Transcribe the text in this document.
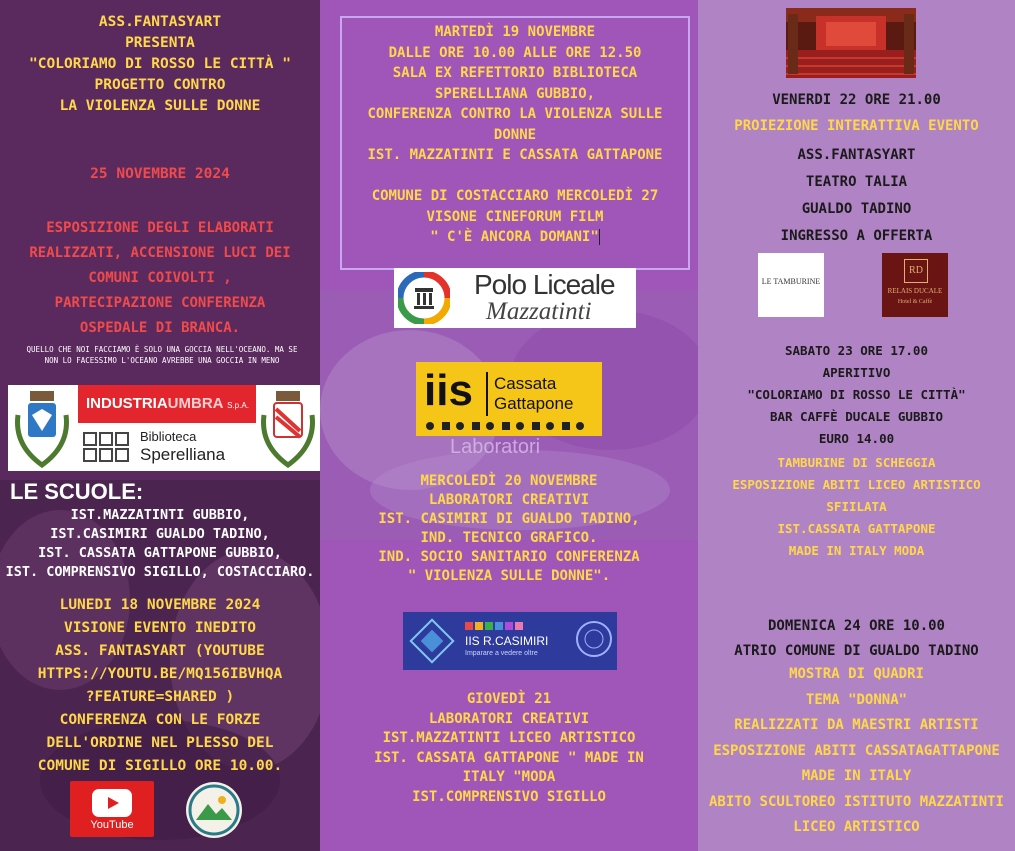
ASS.FANTASYART
PRESENTA
"COLORIAMO DI ROSSO LE CITTÀ "
PROGETTO CONTRO
LA VIOLENZA SULLE DONNE
25 NOVEMBRE 2024
ESPOSIZIONE DEGLI ELABORATI
REALIZZATI, ACCENSIONE LUCI DEI
COMUNI COIVOLTI ,
PARTECIPAZIONE CONFERENZA
OSPEDALE DI BRANCA.
QUELLO CHE NOI FACCIAMO È SOLO UNA GOCCIA NELL'OCEANO. MA SE
NON LO FACESSIMO L'OCEANO AVREBBE UNA GOCCIA IN MENO
INDUSTRIAUMBRA S.p.A.
Biblioteca
Sperelliana
LE SCUOLE:
IST.MAZZATINTI GUBBIO,
IST.CASIMIRI GUALDO TADINO,
IST. CASSATA GATTAPONE GUBBIO,
IST. COMPRENSIVO SIGILLO, COSTACCIARO.
LUNEDI 18 NOVEMBRE 2024
VISIONE EVENTO INEDITO
ASS. FANTASYART (YOUTUBE
HTTPS://YOUTU.BE/MQ156IBVHQA
?FEATURE=SHARED )
CONFERENZA CON LE FORZE
DELL'ORDINE NEL PLESSO DEL
COMUNE DI SIGILLO ORE 10.00.
YouTube
Laboratori
MARTEDÌ 19 NOVEMBRE
DALLE ORE 10.00 ALLE ORE 12.50
SALA EX REFETTORIO BIBLIOTECA
SPERELLIANA GUBBIO,
CONFERENZA CONTRO LA VIOLENZA SULLE
DONNE
IST. MAZZATINTI E CASSATA GATTAPONE
COMUNE DI COSTACCIARO MERCOLEDÌ 27
VISONE CINEFORUM FILM
" C'È ANCORA DOMANI"
Polo Liceale
Mazzatinti
iis Cassata
Gattapone
MERCOLEDÌ 20 NOVEMBRE
LABORATORI CREATIVI
IST. CASIMIRI DI GUALDO TADINO,
IND. TECNICO GRAFICO.
IND. SOCIO SANITARIO CONFERENZA
" VIOLENZA SULLE DONNE".
IIS R.CASIMIRI
Imparare a vedere oltre
GIOVEDÌ 21
LABORATORI CREATIVI
IST.MAZZATINTI LICEO ARTISTICO
IST. CASSATA GATTAPONE " MADE IN
ITALY "MODA
IST.COMPRENSIVO SIGILLO
VENERDI 22 ORE 21.00
PROIEZIONE INTERATTIVA EVENTO
ASS.FANTASYART
TEATRO TALIA
GUALDO TADINO
INGRESSO A OFFERTA
LE TAMBURINE
RD
RELAIS DUCALE
Hotel & Caffè
SABATO 23 ORE 17.00
APERITIVO
"COLORIAMO DI ROSSO LE CITTÀ"
BAR CAFFÈ DUCALE GUBBIO
EURO 14.00
TAMBURINE DI SCHEGGIA
ESPOSIZIONE ABITI LICEO ARTISTICO
SFIILATA
IST.CASSATA GATTAPONE
MADE IN ITALY MODA
DOMENICA 24 ORE 10.00
ATRIO COMUNE DI GUALDO TADINO
MOSTRA DI QUADRI
TEMA "DONNA"
REALIZZATI DA MAESTRI ARTISTI
ESPOSIZIONE ABITI CASSATAGATTAPONE
MADE IN ITALY
ABITO SCULTOREO ISTITUTO MAZZATINTI
LICEO ARTISTICO
